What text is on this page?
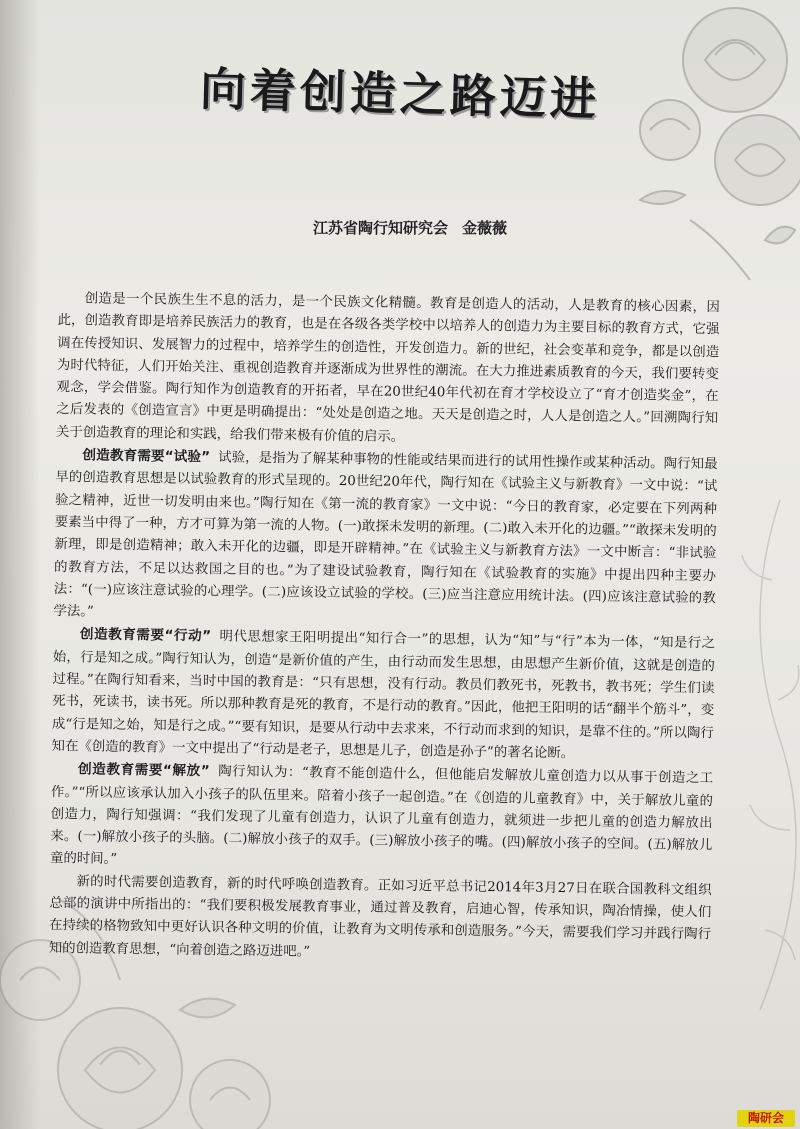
向着创造之路迈进
江苏省陶行知研究会 金薇薇

创造是一个民族生生不息的活力，是一个民族文化精髓。教育是创造人的活动，人是教育的核心因素，因此，创造教育即是培养民族活力的教育，也是在各级各类学校中以培养人的创造力为主要目标的教育方式，它强调在传授知识、发展智力的过程中，培养学生的创造性，开发创造力。新的世纪，社会变革和竞争，都是以创造为时代特征，人们开始关注、重视创造教育并逐渐成为世界性的潮流。在大力推进素质教育的今天，我们要转变观念，学会借鉴。陶行知作为创造教育的开拓者，早在20世纪40年代初在育才学校设立了“育才创造奖金”，在之后发表的《创造宣言》中更是明确提出：“处处是创造之地。天天是创造之时，人人是创造之人。”回溯陶行知关于创造教育的理论和实践，给我们带来极有价值的启示。

创造教育需要“试验” 试验，是指为了解某种事物的性能或结果而进行的试用性操作或某种活动。陶行知最早的创造教育思想是以试验教育的形式呈现的。20世纪20年代，陶行知在《试验主义与新教育》一文中说：“试验之精神，近世一切发明由来也。”陶行知在《第一流的教育家》一文中说：“今日的教育家，必定要在下列两种要素当中得了一种，方才可算为第一流的人物。(一)敢探未发明的新理。(二)敢入未开化的边疆。”“敢探未发明的新理，即是创造精神；敢入未开化的边疆，即是开辟精神。”在《试验主义与新教育方法》一文中断言：“非试验的教育方法，不足以达救国之目的也。”为了建设试验教育，陶行知在《试验教育的实施》中提出四种主要办法：“(一)应该注意试验的心理学。(二)应该设立试验的学校。(三)应当注意应用统计法。(四)应该注意试验的教学法。”

创造教育需要“行动” 明代思想家王阳明提出“知行合一”的思想，认为“知”与“行”本为一体，“知是行之始，行是知之成。”陶行知认为，创造“是新价值的产生，由行动而发生思想，由思想产生新价值，这就是创造的过程。”在陶行知看来，当时中国的教育是：“只有思想，没有行动。教员们教死书，死教书，教书死；学生们读死书，死读书，读书死。所以那种教育是死的教育，不是行动的教育。”因此，他把王阳明的话“翻半个筋斗”，变成“行是知之始，知是行之成。”“要有知识，是要从行动中去求来，不行动而求到的知识，是靠不住的。”所以陶行知在《创造的教育》一文中提出了“行动是老子，思想是儿子，创造是孙子”的著名论断。

创造教育需要“解放” 陶行知认为：“教育不能创造什么，但他能启发解放儿童创造力以从事于创造之工作。”“所以应该承认加入小孩子的队伍里来。陪着小孩子一起创造。”在《创造的儿童教育》中，关于解放儿童的创造力，陶行知强调：“我们发现了儿童有创造力，认识了儿童有创造力，就须进一步把儿童的创造力解放出来。(一)解放小孩子的头脑。(二)解放小孩子的双手。(三)解放小孩子的嘴。(四)解放小孩子的空间。(五)解放儿童的时间。”

新的时代需要创造教育，新的时代呼唤创造教育。正如习近平总书记2014年3月27日在联合国教科文组织总部的演讲中所指出的：“我们要积极发展教育事业，通过普及教育，启迪心智，传承知识，陶冶情操，使人们在持续的格物致知中更好认识各种文明的价值，让教育为文明传承和创造服务。”今天，需要我们学习并践行陶行知的创造教育思想，“向着创造之路迈进吧。”

陶研会
